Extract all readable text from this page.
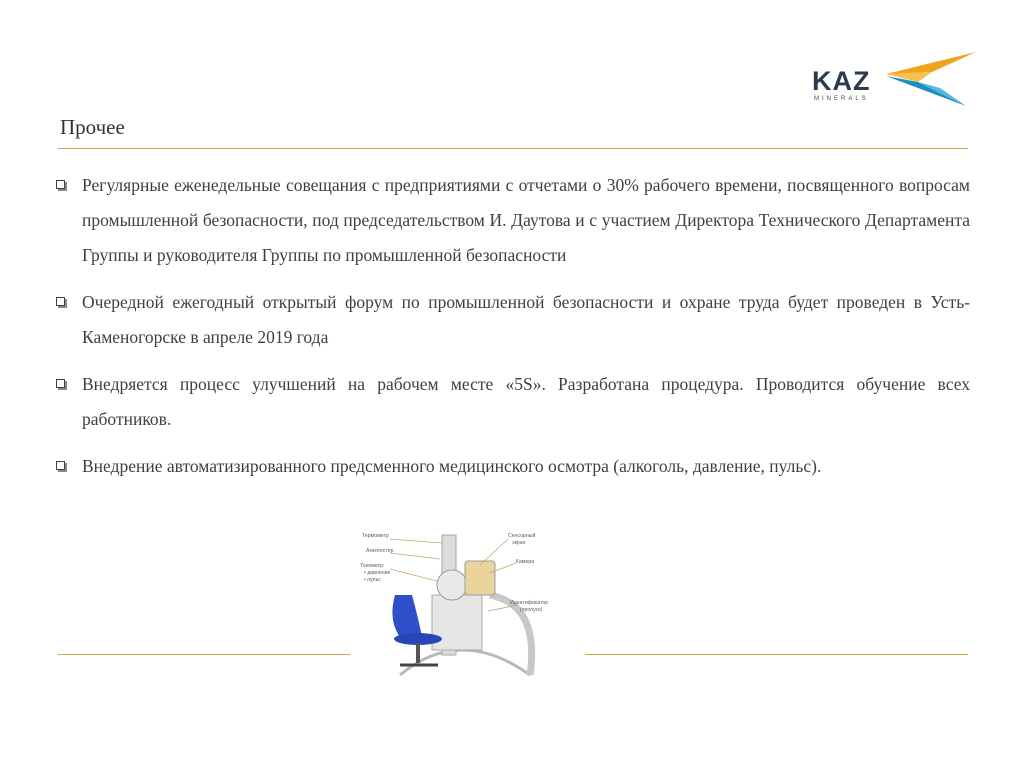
KAZ
MINERALS
Прочее
Регулярные еженедельные совещания с предприятиями с отчетами о 30% рабочего времени, посвященного вопросам промышленной безопасности, под председательством И. Даутова и с участием Директора Технического Департамента Группы и руководителя Группы по промышленной безопасности
Очередной ежегодный открытый форум по промышленной безопасности и охране труда будет проведен в Усть-Каменогорске в апреле 2019 года
Внедряется процесс улучшений на рабочем месте «5S». Разработана процедура. Проводится обучение всех работников.
Внедрение автоматизированного предсменного медицинского осмотра (алкоголь, давление, пульс).
Термометр
Алкотестер
Тонометр:
• давление
• пульс
Сенсорный
экран
Камера
Идентификатор
(пропуск)
